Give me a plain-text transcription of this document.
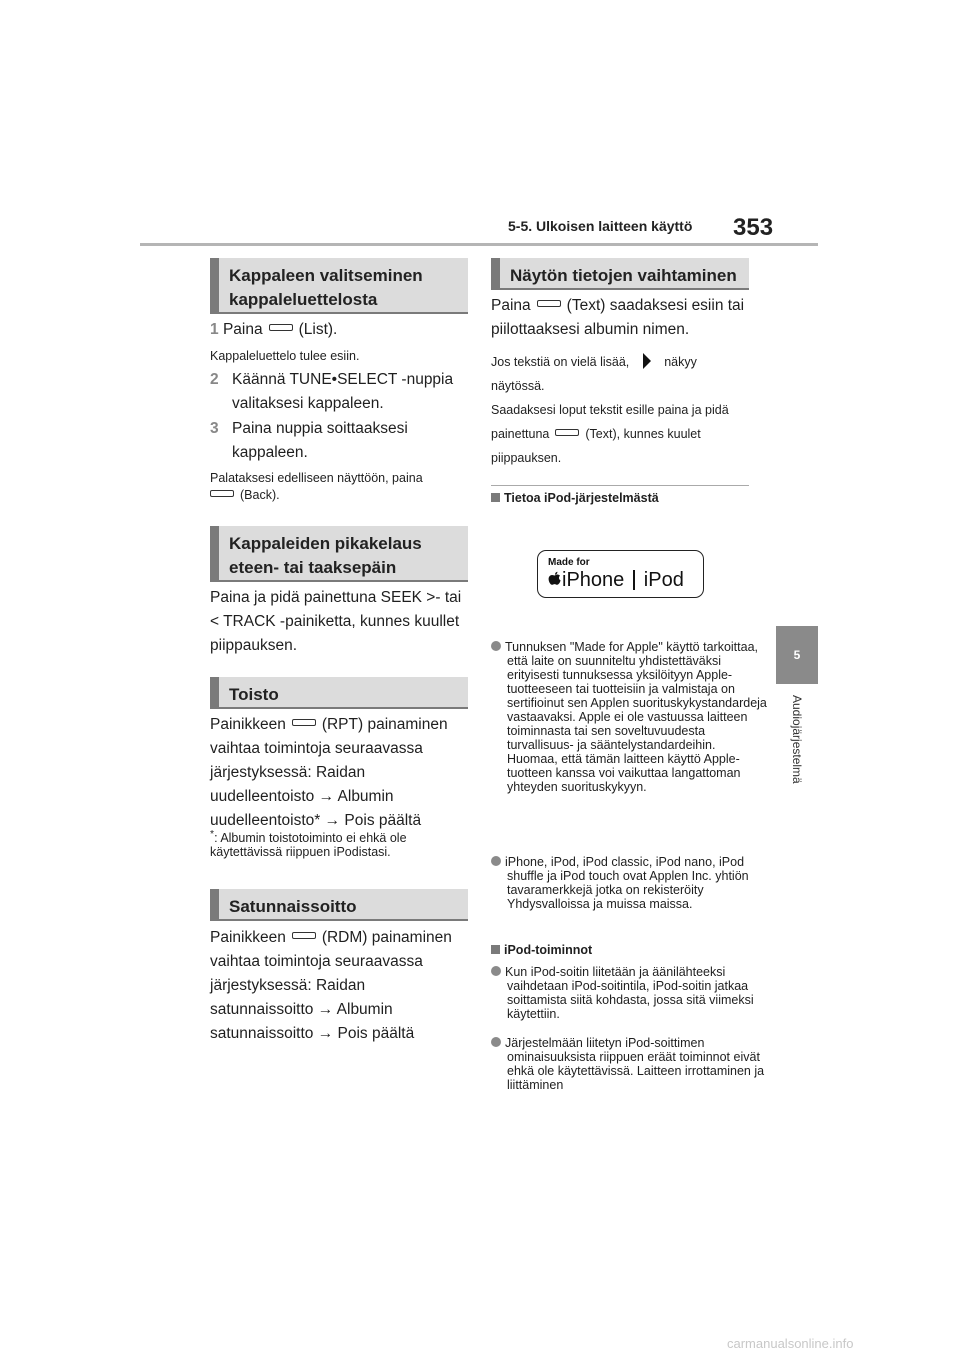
5-5. Ulkoisen laitteen käyttö 353
5
Audiojärjestelmä
Kappaleen valitseminen kappaleluettelosta
1 Paina (List).
Kappaleluettelo tulee esiin.
2 Käännä TUNE•SELECT -nuppia valitaksesi kappaleen.
3 Paina nuppia soittaaksesi kappaleen.
Palataksesi edelliseen näyttöön, paina
(Back).
Kappaleiden pikakelaus eteen- tai taaksepäin
Paina ja pidä painettuna SEEK >- tai < TRACK -painiketta, kunnes kuullet piippauksen.
Toisto
Painikkeen (RPT) painaminen vaihtaa toimintoja seuraavassa järjestyksessä: Raidan uudelleentoisto → Albumin uudelleentoisto* → Pois päältä
*: Albumin toistotoiminto ei ehkä ole käytettävissä riippuen iPodistasi.
Satunnaissoitto
Painikkeen (RDM) painaminen vaihtaa toimintoja seuraavassa järjestyksessä: Raidan satunnaissoitto → Albumin satunnaissoitto → Pois päältä
Näytön tietojen vaihtaminen
Paina (Text) saadaksesi esiin tai piilottaaksesi albumin nimen.
Jos tekstiä on vielä lisää,	näkyy näytössä.
Saadaksesi loput tekstit esille paina ja pidä painettuna	(Text), kunnes kuulet piippauksen.
Tietoa iPod-järjestelmästä
Made for
iPhone iPod
Tunnuksen "Made for Apple" käyttö tarkoittaa, että laite on suunniteltu yhdistettäväksi erityisesti tunnuksessa yksilöityyn Apple-tuotteeseen tai tuotteisiin ja valmistaja on sertifioinut sen Applen suorituskykystandardeja vastaavaksi. Apple ei ole vastuussa laitteen toiminnasta tai sen soveltuvuudesta turvallisuus- ja sääntelystandardeihin. Huomaa, että tämän laitteen käyttö Apple-tuotteen kanssa voi vaikuttaa langattoman yhteyden suorituskykyyn.
iPhone, iPod, iPod classic, iPod nano, iPod shuffle ja iPod touch ovat Applen Inc. yhtiön tavaramerkkejä jotka on rekisteröity Yhdysvalloissa ja muissa maissa.
iPod-toiminnot
Kun iPod-soitin liitetään ja äänilähteeksi vaihdetaan iPod-soitintila, iPod-soitin jatkaa soittamista siitä kohdasta, jossa sitä viimeksi käytettiin.
Järjestelmään liitetyn iPod-soittimen ominaisuuksista riippuen eräät toiminnot eivät ehkä ole käytettävissä. Laitteen irrottaminen ja liittäminen
carmanualsonline.info
